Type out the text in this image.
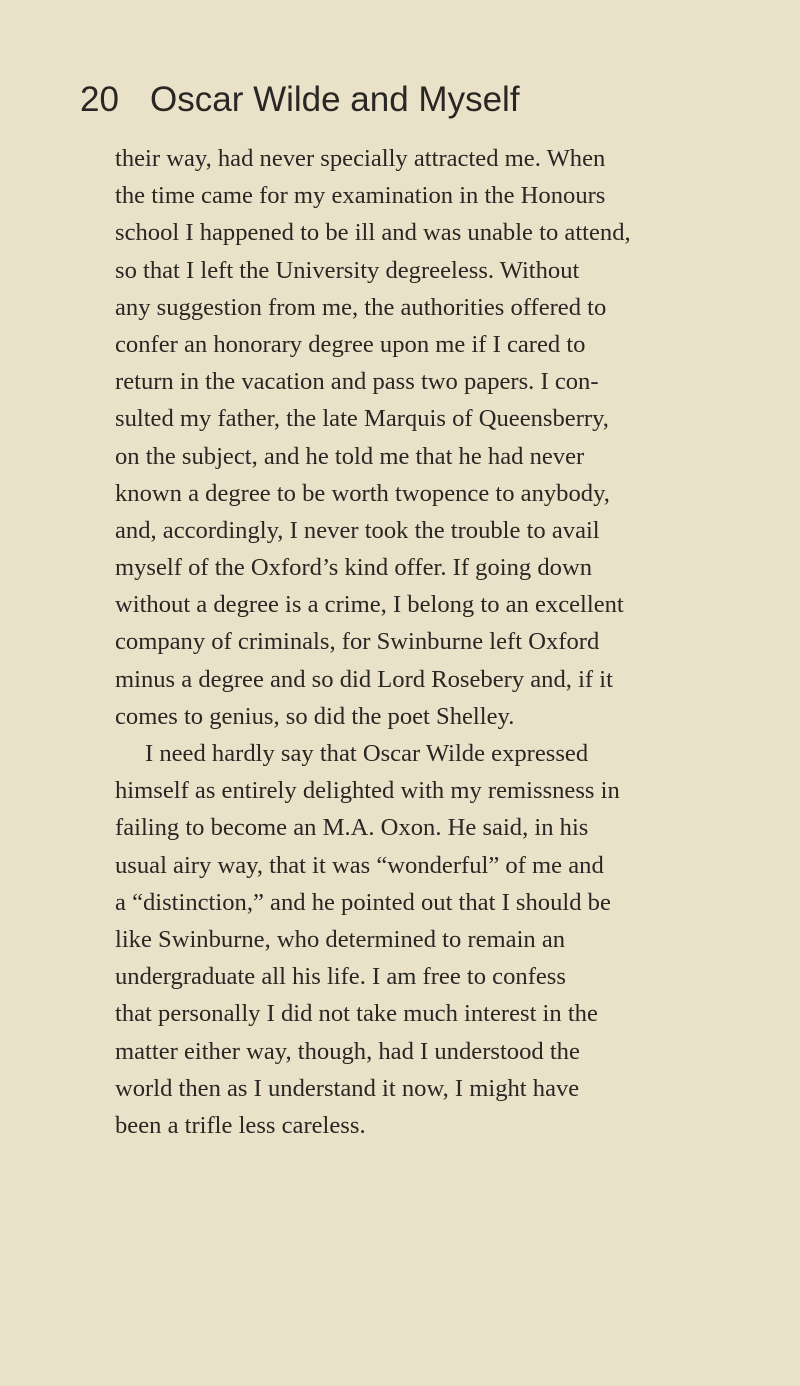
20 Oscar Wilde and Myself
their way, had never specially attracted me. When
the time came for my examination in the Honours
school I happened to be ill and was unable to attend,
so that I left the University degreeless. Without
any suggestion from me, the authorities offered to
confer an honorary degree upon me if I cared to
return in the vacation and pass two papers. I con-
sulted my father, the late Marquis of Queensberry,
on the subject, and he told me that he had never
known a degree to be worth twopence to anybody,
and, accordingly, I never took the trouble to avail
myself of the Oxford’s kind offer. If going down
without a degree is a crime, I belong to an excellent
company of criminals, for Swinburne left Oxford
minus a degree and so did Lord Rosebery and, if it
comes to genius, so did the poet Shelley.
I need hardly say that Oscar Wilde expressed
himself as entirely delighted with my remissness in
failing to become an M.A. Oxon. He said, in his
usual airy way, that it was “wonderful” of me and
a “distinction,” and he pointed out that I should be
like Swinburne, who determined to remain an
undergraduate all his life. I am free to confess
that personally I did not take much interest in the
matter either way, though, had I understood the
world then as I understand it now, I might have
been a trifle less careless.
